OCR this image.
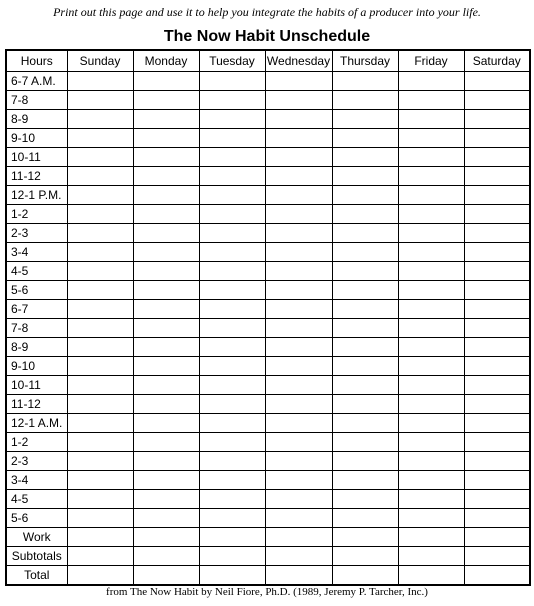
Print out this page and use it to help you integrate the habits of a producer into your life.
The Now Habit Unschedule
Hours	Sunday	Monday	Tuesday	Wednesday	Thursday	Friday	Saturday
6-7 A.M.							
7-8							
8-9							
9-10							
10-11							
11-12							
12-1 P.M.							
1-2							
2-3							
3-4							
4-5							
5-6							
6-7							
7-8							
8-9							
9-10							
10-11							
11-12							
12-1 A.M.							
1-2							
2-3							
3-4							
4-5							
5-6							
Work							
Subtotals							
Total							
from The Now Habit by Neil Fiore, Ph.D. (1989, Jeremy P. Tarcher, Inc.)
